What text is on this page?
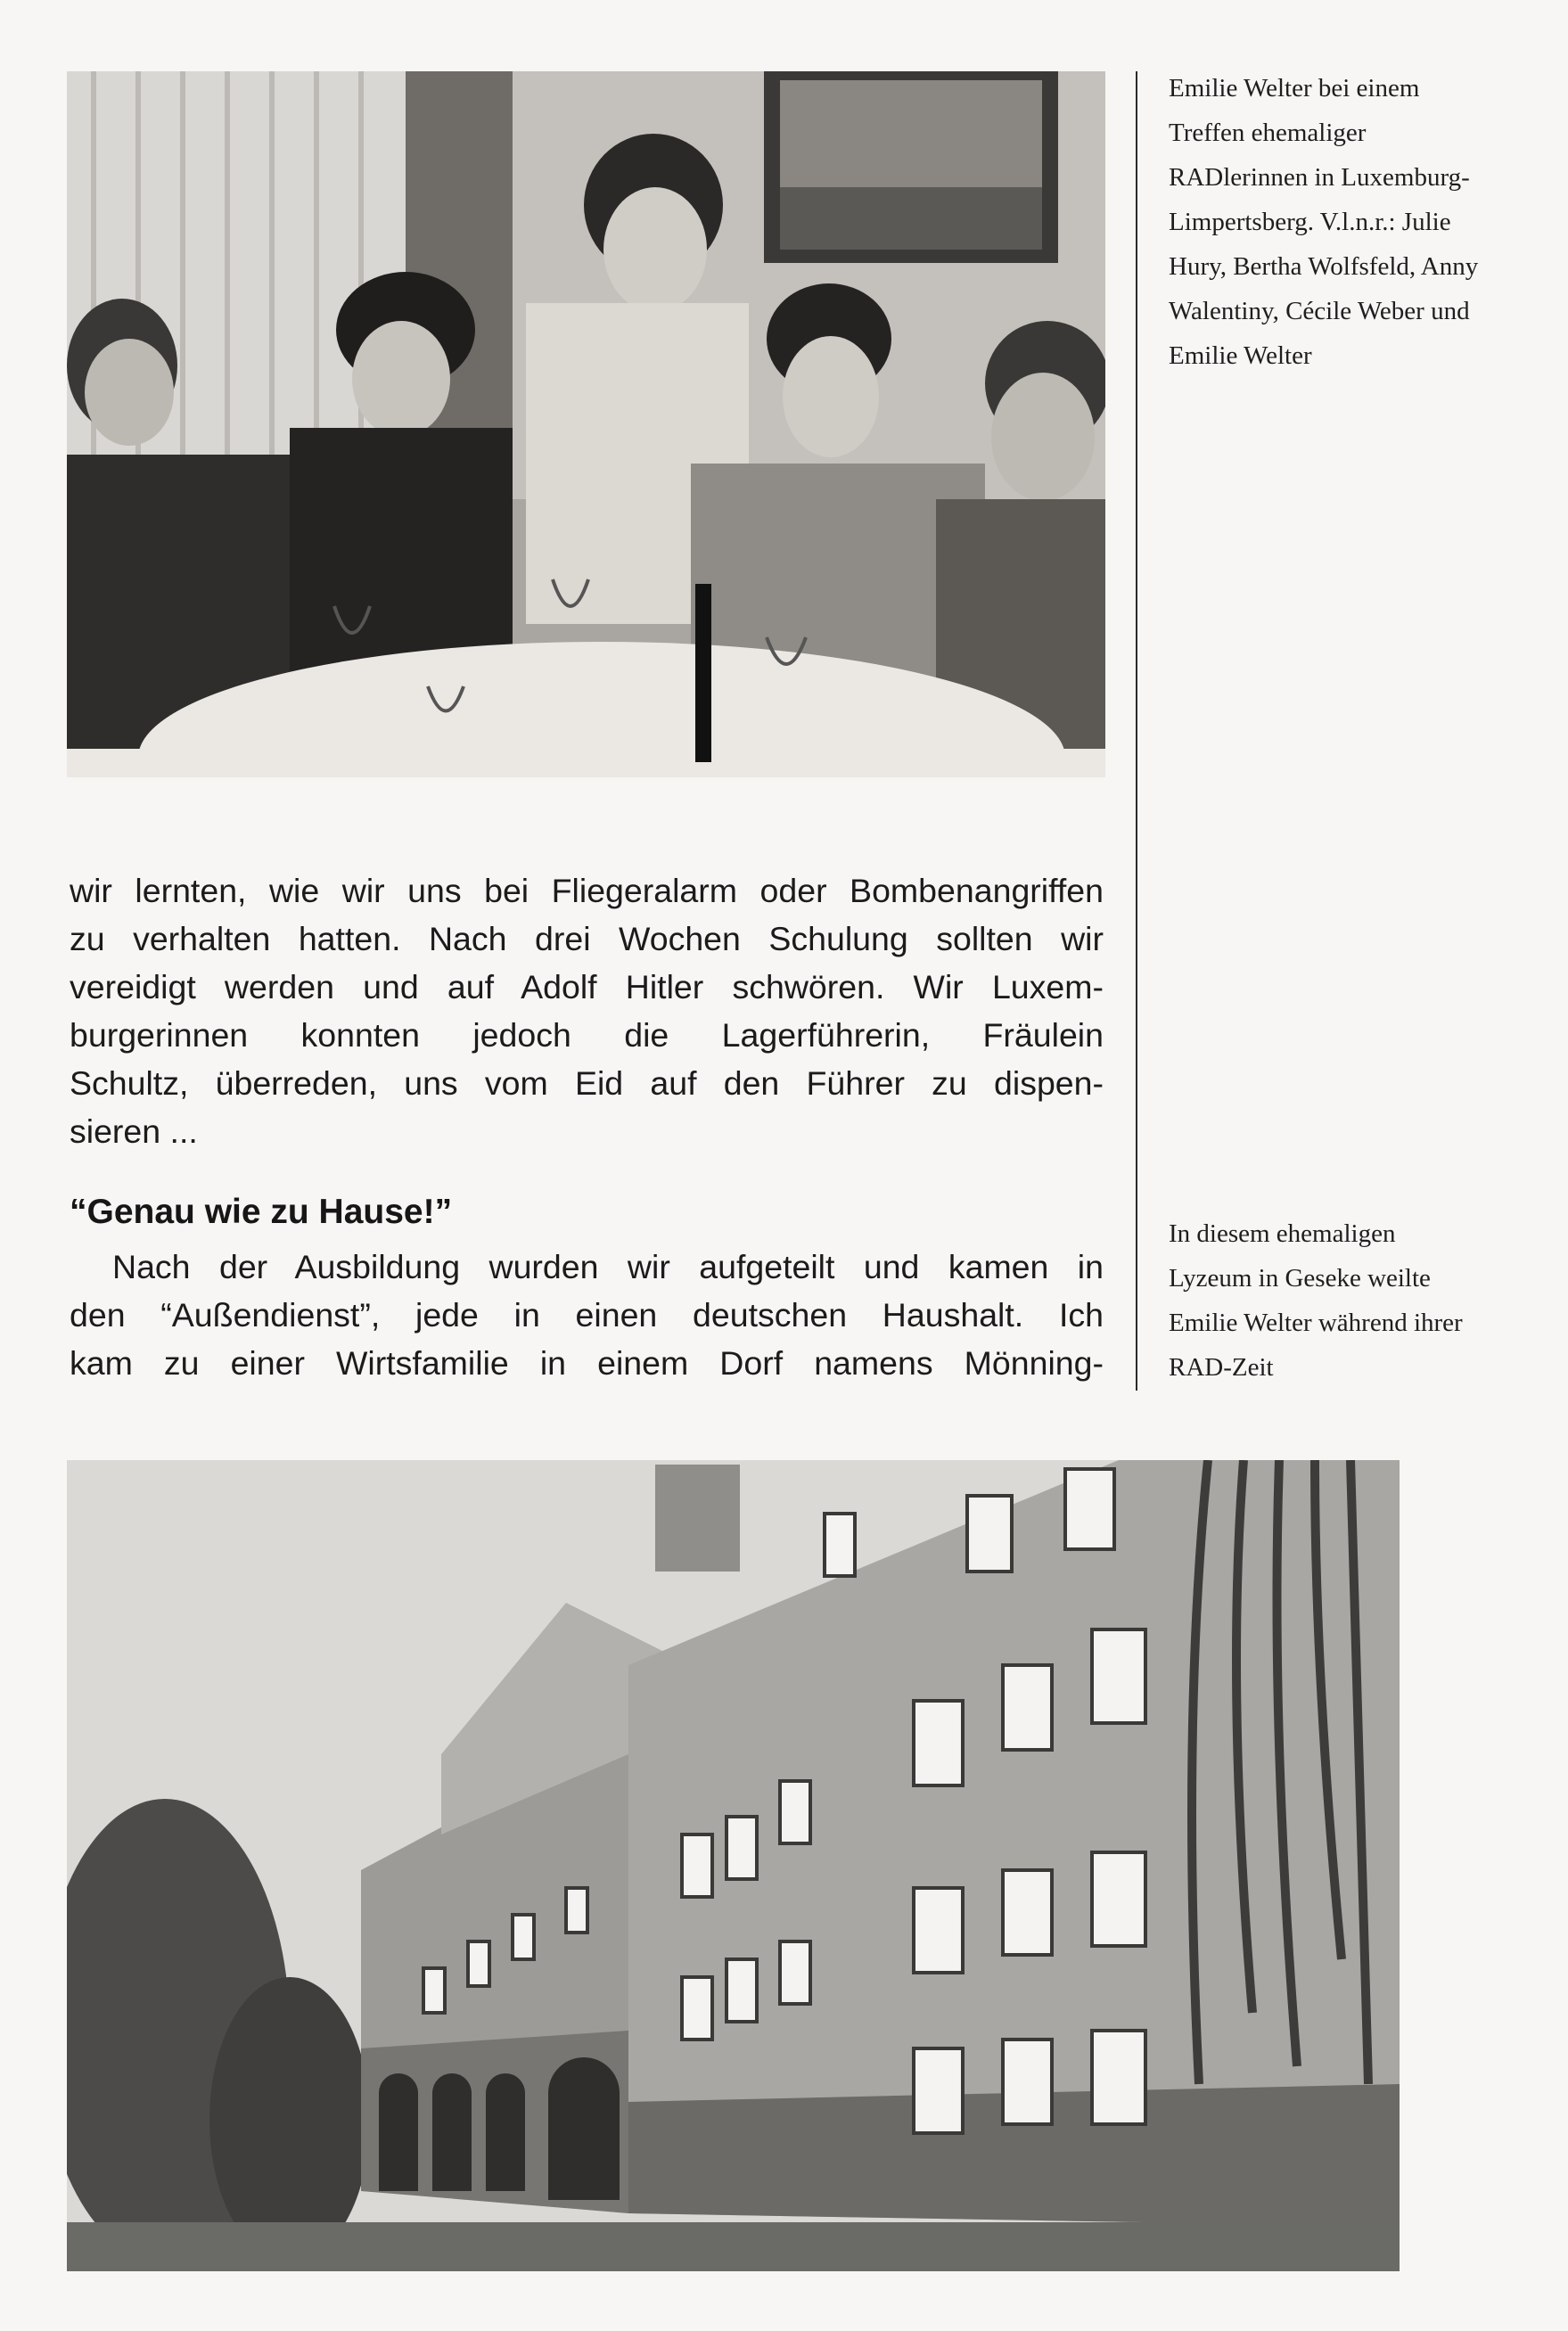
Emilie Welter bei einem
Treffen ehemaliger
RADlerinnen in Luxemburg-
Limpertsberg. V.l.n.r.: Julie
Hury, Bertha Wolfsfeld, Anny
Walentiny, Cécile Weber und
Emilie Welter
wir lernten, wie wir uns bei Fliegeralarm oder Bombenangriffen
zu verhalten hatten. Nach drei Wochen Schulung sollten wir
vereidigt werden und auf Adolf Hitler schwören. Wir Luxem-
burgerinnen konnten jedoch die Lagerführerin, Fräulein
Schultz, überreden, uns vom Eid auf den Führer zu dispen-
sieren ...
“Genau wie zu Hause!”
Nach der Ausbildung wurden wir aufgeteilt und kamen in
den “Außendienst”, jede in einen deutschen Haushalt. Ich
kam zu einer Wirtsfamilie in einem Dorf namens Mönning-
In diesem ehemaligen
Lyzeum in Geseke weilte
Emilie Welter während ihrer
RAD-Zeit
